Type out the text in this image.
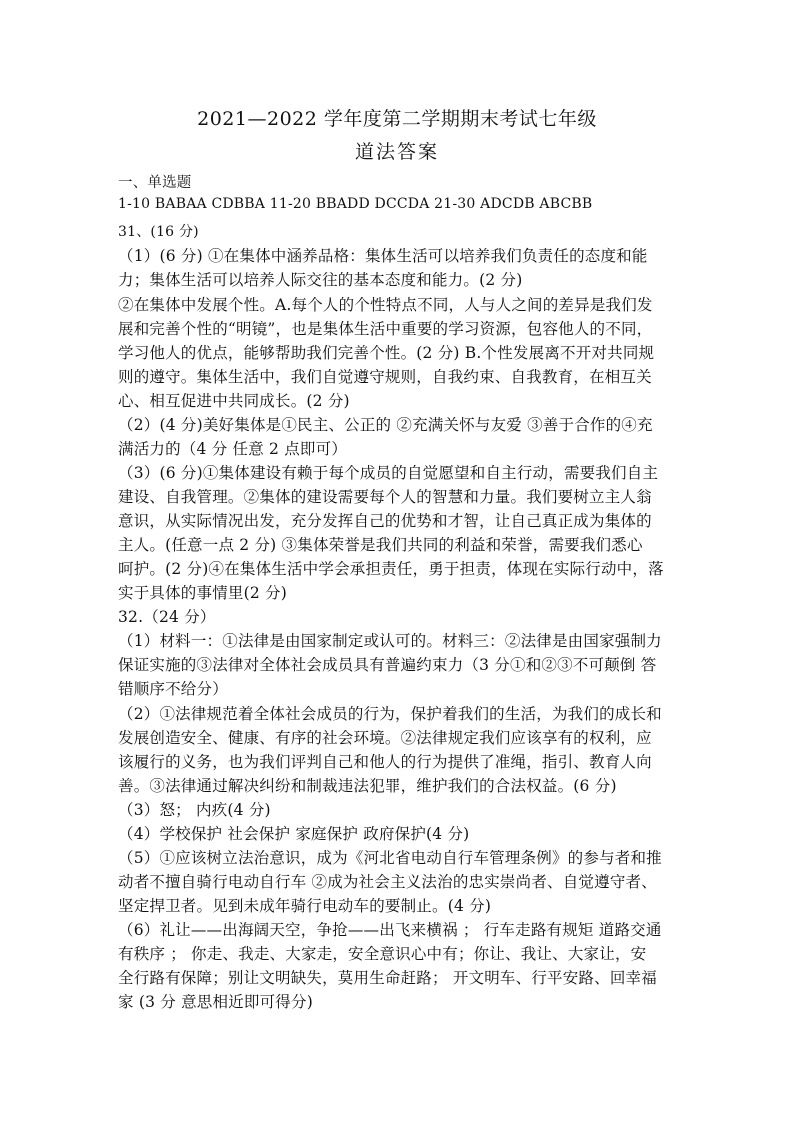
2021—2022 学年度第二学期期末考试七年级
道法答案
一、单选题
1-10 BABAA CDBBA 11-20 BBADD DCCDA 21-30 ADCDB ABCBB
31、(16 分)
（1）(6 分) ①在集体中涵养品格：集体生活可以培养我们负责任的态度和能
力；集体生活可以培养人际交往的基本态度和能力。(2 分)
②在集体中发展个性。A.每个人的个性特点不同，人与人之间的差异是我们发
展和完善个性的“明镜”，也是集体生活中重要的学习资源，包容他人的不同，
学习他人的优点，能够帮助我们完善个性。(2 分) B.个性发展离不开对共同规
则的遵守。集体生活中，我们自觉遵守规则，自我约束、自我教育，在相互关
心、相互促进中共同成长。(2 分)
（2）(4 分)美好集体是①民主、公正的 ②充满关怀与友爱 ③善于合作的④充
满活力的（4 分 任意 2 点即可）
（3）(6 分)①集体建设有赖于每个成员的自觉愿望和自主行动，需要我们自主
建设、自我管理。②集体的建设需要每个人的智慧和力量。我们要树立主人翁
意识，从实际情况出发，充分发挥自己的优势和才智，让自己真正成为集体的
主人。(任意一点 2 分) ③集体荣誉是我们共同的利益和荣誉，需要我们悉心
呵护。(2 分)④在集体生活中学会承担责任，勇于担责，体现在实际行动中，落
实于具体的事情里(2 分)
32.（24 分）
（1）材料一：①法律是由国家制定或认可的。材料三：②法律是由国家强制力
保证实施的③法律对全体社会成员具有普遍约束力（3 分①和②③不可颠倒 答
错顺序不给分）
（2）①法律规范着全体社会成员的行为，保护着我们的生活，为我们的成长和
发展创造安全、健康、有序的社会环境。②法律规定我们应该享有的权利，应
该履行的义务，也为我们评判自己和他人的行为提供了准绳，指引、教育人向
善。③法律通过解决纠纷和制裁违法犯罪，维护我们的合法权益。(6 分)
（3）怒； 内疚(4 分)
（4）学校保护 社会保护 家庭保护 政府保护(4 分)
（5）①应该树立法治意识，成为《河北省电动自行车管理条例》的参与者和推
动者不擅自骑行电动自行车 ②成为社会主义法治的忠实崇尚者、自觉遵守者、
坚定捍卫者。见到未成年骑行电动车的要制止。(4 分)
（6）礼让——出海阔天空，争抢——出飞来横祸 ； 行车走路有规矩 道路交通
有秩序 ； 你走、我走、大家走，安全意识心中有；你让、我让、大家让，安
全行路有保障；别让文明缺失，莫用生命赶路； 开文明车、行平安路、回幸福
家 (3 分 意思相近即可得分)
